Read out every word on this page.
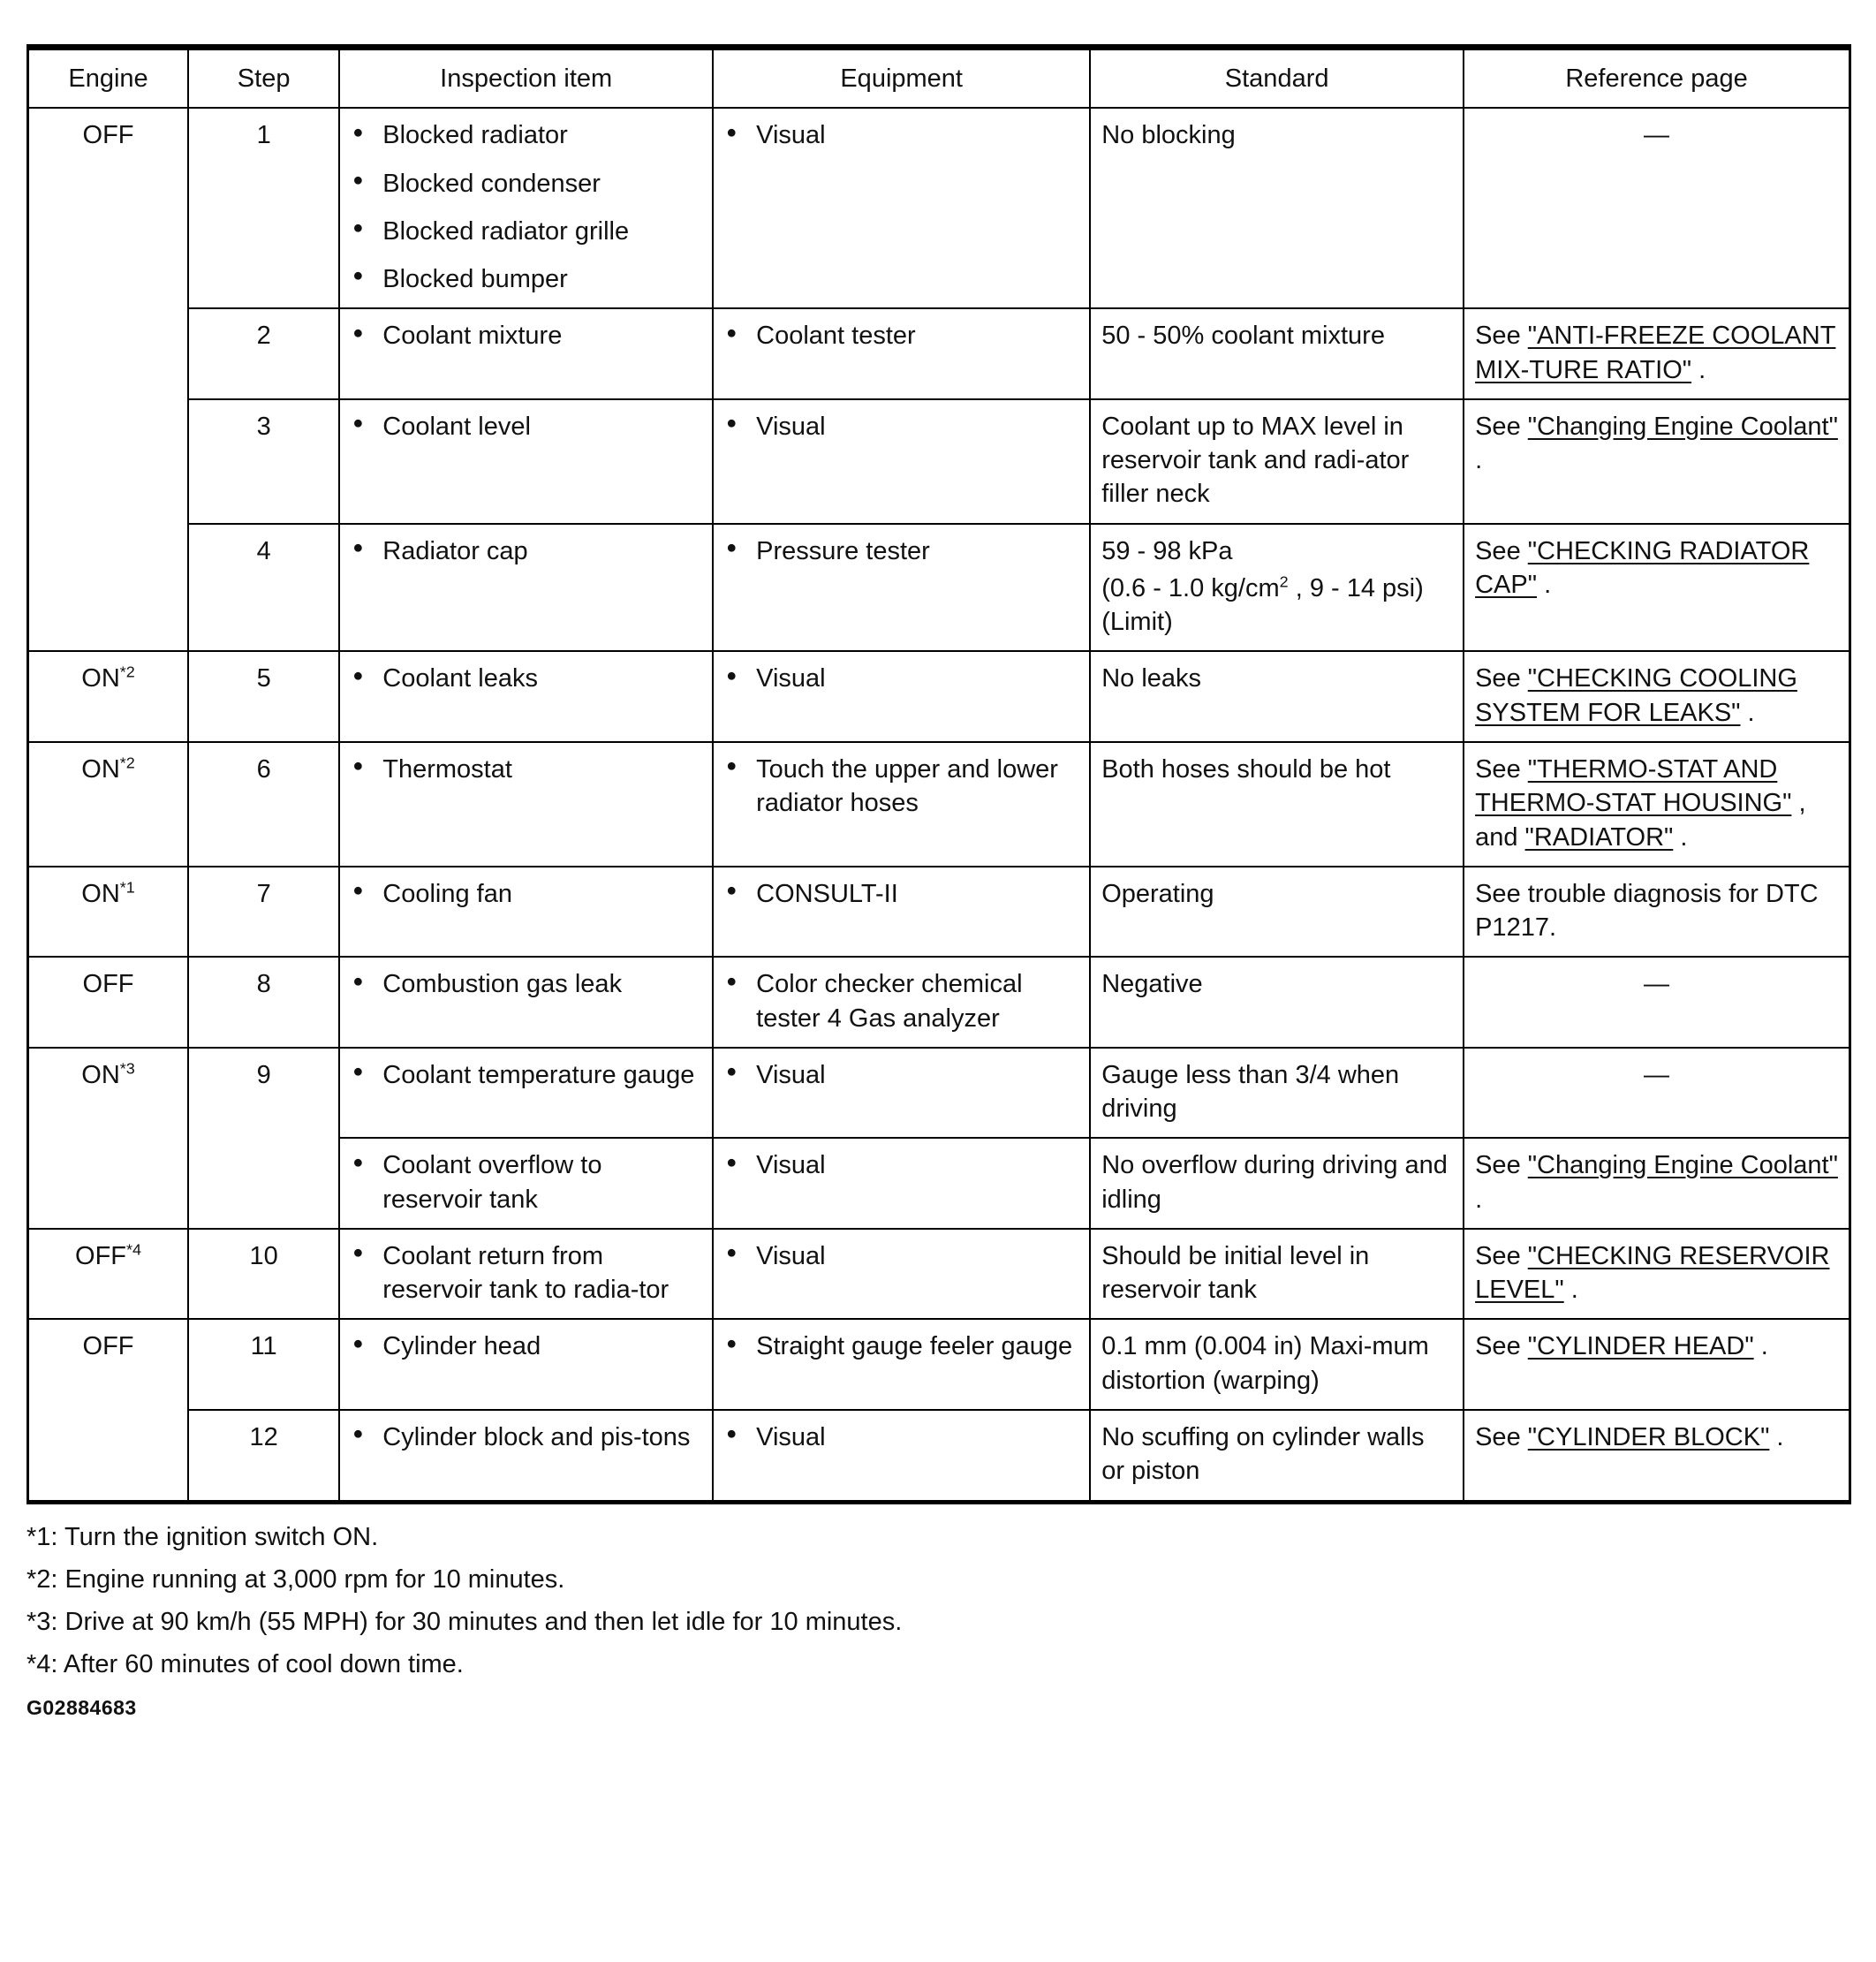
Engine	Step	Inspection item	Equipment	Standard	Reference page
OFF	1	● Blocked radiator
● Blocked condenser
● Blocked radiator grille
● Blocked bumper	● Visual	No blocking	—
	2	● Coolant mixture	● Coolant tester	50 - 50% coolant mixture	See "ANTI-FREEZE COOLANT MIX-TURE RATIO" .
	3	● Coolant level	● Visual	Coolant up to MAX level in reservoir tank and radi-ator filler neck	See "Changing Engine Coolant" .
	4	● Radiator cap	● Pressure tester	59 - 98 kPa
(0.6 - 1.0 kg/cm$^2$ , 9 - 14 psi) (Limit)	See "CHECKING RADIATOR CAP" .
ON$^{*2}$	5	● Coolant leaks	● Visual	No leaks	See "CHECKING COOLING SYSTEM FOR LEAKS" .
ON$^{*2}$	6	● Thermostat	● Touch the upper and lower radiator hoses	Both hoses should be hot	See "THERMO-STAT AND THERMO-STAT HOUSING" , and "RADIATOR" .
ON$^{*1}$	7	● Cooling fan	● CONSULT-II	Operating	See trouble diagnosis for DTC P1217.
OFF	8	● Combustion gas leak	● Color checker chemical tester 4 Gas analyzer	Negative	—
ON$^{*3}$	9	● Coolant temperature gauge	● Visual	Gauge less than 3/4 when driving	—

		● Coolant overflow to reservoir tank	● Visual	No overflow during driving and idling	See "Changing Engine Coolant" .
OFF$^{*4}$	10	● Coolant return from reservoir tank to radia-tor	● Visual	Should be initial level in reservoir tank	See "CHECKING RESERVOIR LEVEL" .
OFF	11	● Cylinder head	● Straight gauge feeler gauge	0.1 mm (0.004 in) Maxi-mum distortion (warping)	See "CYLINDER HEAD" .
	12	● Cylinder block and pis-tons	● Visual	No scuffing on cylinder walls or piston	See "CYLINDER BLOCK" .
*1: Turn the ignition switch ON.
*2: Engine running at 3,000 rpm for 10 minutes.
*3: Drive at 90 km/h (55 MPH) for 30 minutes and then let idle for 10 minutes.
*4: After 60 minutes of cool down time.
G02884683
